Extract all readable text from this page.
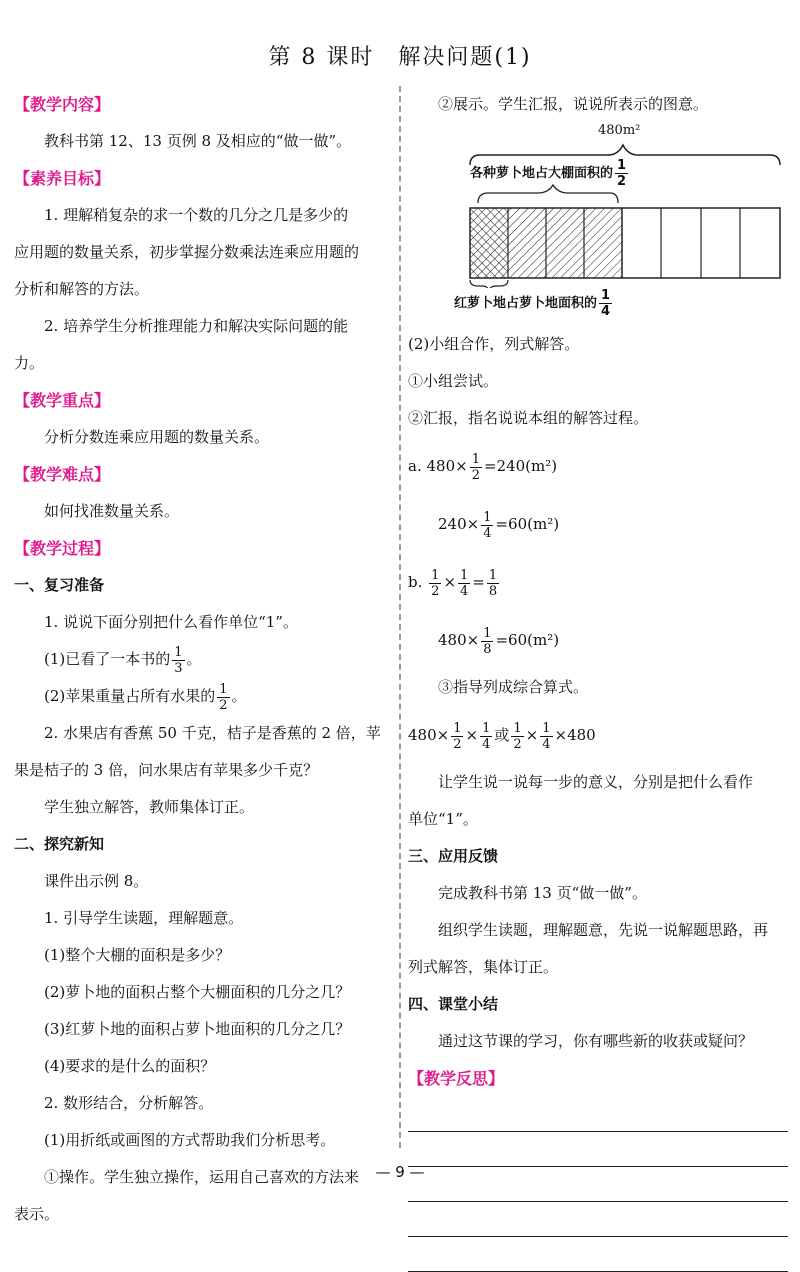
第 8 课时　解决问题(1)
【教学内容】
教科书第 12、13 页例 8 及相应的“做一做”。
【素养目标】
1. 理解稍复杂的求一个数的几分之几是多少的
应用题的数量关系，初步掌握分数乘法连乘应用题的
分析和解答的方法。
2. 培养学生分析推理能力和解决实际问题的能
力。
【教学重点】
分析分数连乘应用题的数量关系。
【教学难点】
如何找准数量关系。
【教学过程】
一、复习准备
1. 说说下面分别把什么看作单位“1”。
(1)已看了一本书的 $\frac{1}{3}$ 。
(2)苹果重量占所有水果的 $\frac{1}{2}$ 。
2. 水果店有香蕉 50 千克，桔子是香蕉的 2 倍，苹
果是桔子的 3 倍，问水果店有苹果多少千克？
学生独立解答，教师集体订正。
二、探究新知
课件出示例 8。
1. 引导学生读题，理解题意。
(1)整个大棚的面积是多少？
(2)萝卜地的面积占整个大棚面积的几分之几？
(3)红萝卜地的面积占萝卜地面积的几分之几？
(4)要求的是什么的面积？
2. 数形结合，分析解答。
(1)用折纸或画图的方式帮助我们分析思考。
①操作。学生独立操作，运用自己喜欢的方法来
表示。
②展示。学生汇报，说说所表示的图意。
480m²
各种萝卜地占大棚面积的 $\frac{1}{2}$
红萝卜地占萝卜地面积的 $\frac{1}{4}$
(2)小组合作，列式解答。
①小组尝试。
②汇报，指名说说本组的解答过程。
a. $480\times \frac{1}{2} =240(m^2)$
$240\times \frac{1}{4} =60(m^2)$
b. $\frac{1}{2} \times \frac{1}{4} = \frac{1}{8}$
$480\times \frac{1}{8} =60(m^2)$
③指导列成综合算式。
$480\times \frac{1}{2} \times \frac{1}{4}$ 或 $\frac{1}{2} \times \frac{1}{4} \times 480$
让学生说一说每一步的意义，分别是把什么看作
单位“1”。
三、应用反馈
完成教科书第 13 页“做一做”。
组织学生读题，理解题意，先说一说解题思路，再
列式解答，集体订正。
四、课堂小结
通过这节课的学习，你有哪些新的收获或疑问？
【教学反思】
— 9 —
